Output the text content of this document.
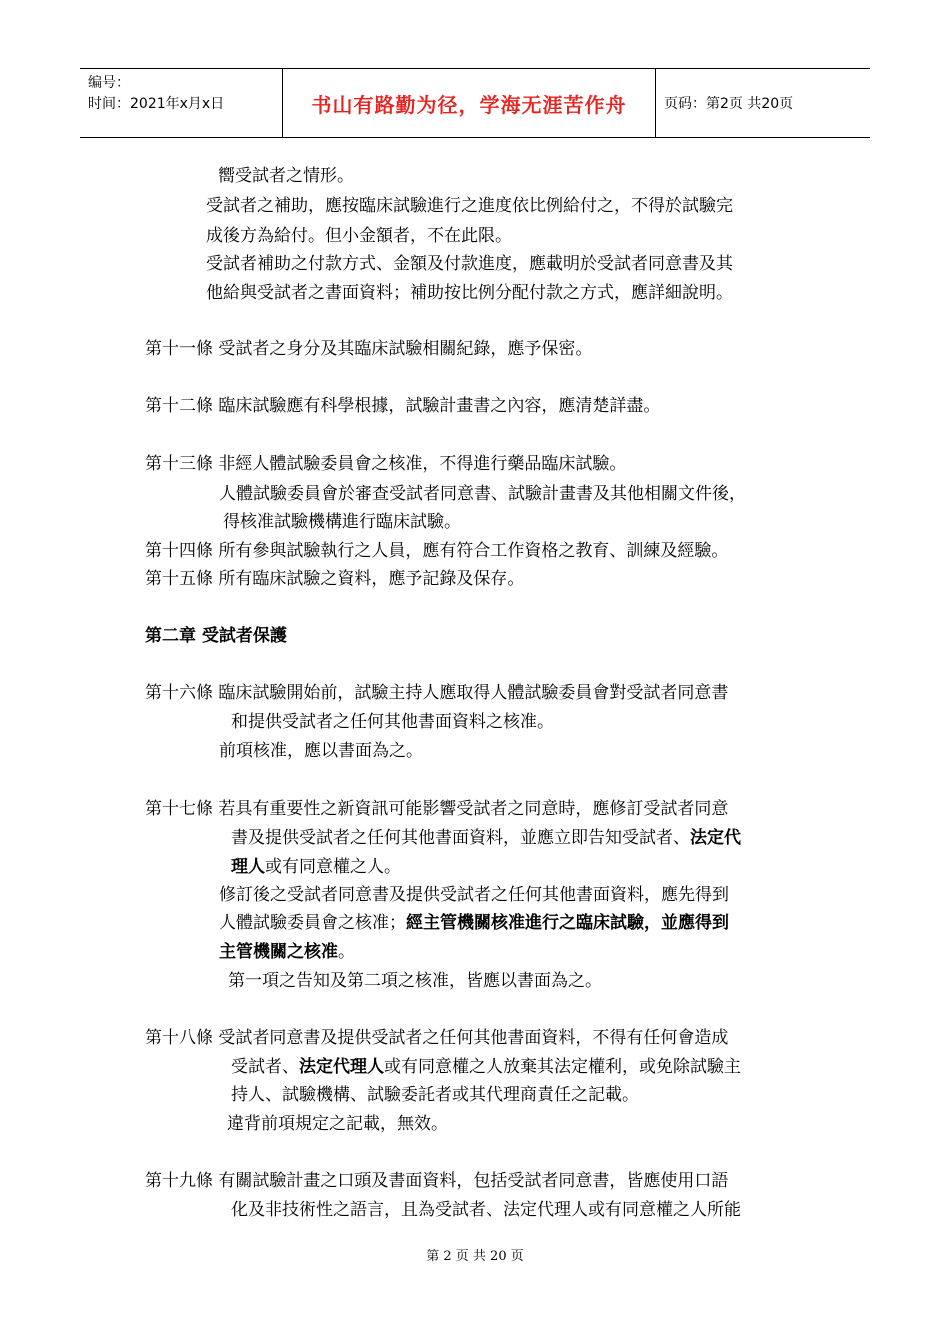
编号：
时间：2021年x月x日	书山有路勤为径，学海无涯苦作舟	页码：第2页 共20页
嚮受試者之情形。
受試者之補助，應按臨床試驗進行之進度依比例給付之，不得於試驗完
成後方為給付。但小金額者，不在此限。
受試者補助之付款方式、金額及付款進度，應載明於受試者同意書及其
他給與受試者之書面資料；補助按比例分配付款之方式，應詳細說明。
第十一條 受試者之身分及其臨床試驗相關紀錄，應予保密。
第十二條 臨床試驗應有科學根據，試驗計畫書之內容，應清楚詳盡。
第十三條 非經人體試驗委員會之核准，不得進行藥品臨床試驗。
人體試驗委員會於審查受試者同意書、試驗計畫書及其他相關文件後，
得核准試驗機構進行臨床試驗。
第十四條 所有參與試驗執行之人員，應有符合工作資格之教育、訓練及經驗。
第十五條 所有臨床試驗之資料，應予記錄及保存。
第二章 受試者保護
第十六條 臨床試驗開始前，試驗主持人應取得人體試驗委員會對受試者同意書
和提供受試者之任何其他書面資料之核准。
前項核准，應以書面為之。
第十七條 若具有重要性之新資訊可能影響受試者之同意時，應修訂受試者同意
書及提供受試者之任何其他書面資料，並應立即告知受試者、法定代
理人或有同意權之人。
修訂後之受試者同意書及提供受試者之任何其他書面資料，應先得到
人體試驗委員會之核准；經主管機關核准進行之臨床試驗，並應得到
主管機關之核准。
第一項之告知及第二項之核准，皆應以書面為之。
第十八條 受試者同意書及提供受試者之任何其他書面資料，不得有任何會造成
受試者、法定代理人或有同意權之人放棄其法定權利，或免除試驗主
持人、試驗機構、試驗委託者或其代理商責任之記載。
違背前項規定之記載，無效。
第十九條 有關試驗計畫之口頭及書面資料，包括受試者同意書，皆應使用口語
化及非技術性之語言，且為受試者、法定代理人或有同意權之人所能
第 2 页 共 20 页
